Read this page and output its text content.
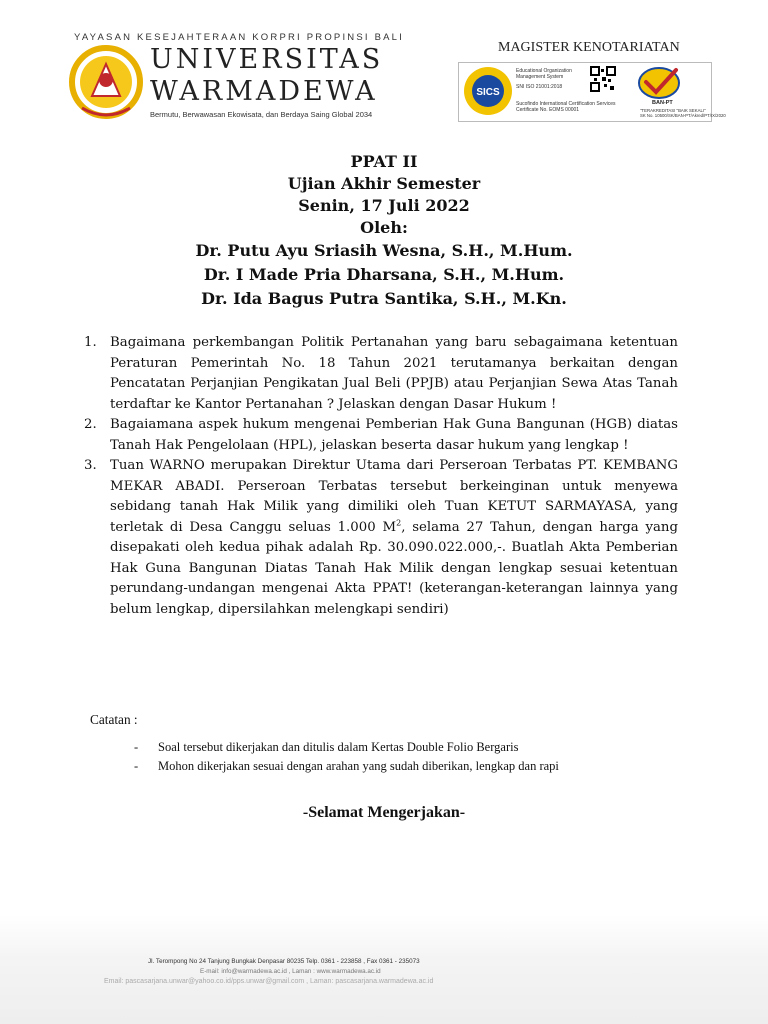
YAYASAN KESEJAHTERAAN KORPRI PROPINSI BALI
UNIVERSITAS
WARMADEWA
Bermutu, Berwawasan Ekowisata, dan Berdaya Saing Global 2034
MAGISTER KENOTARIATAN
SICS
Educational Organization
Management System
SNI ISO 21001:2018
Sucofindo International Certification Services
Certificate No. EOMS 00001
BAN-PT
"TERAKREDITASI "BAIK SEKALI"
SK No. 10500/SK/BAN-PT/Akred/PT/IX/2020
PPAT II
Ujian Akhir Semester
Senin, 17 Juli 2022
Oleh:
Dr. Putu Ayu Sriasih Wesna, S.H., M.Hum.
Dr. I Made Pria Dharsana, S.H., M.Hum.
Dr. Ida Bagus Putra Santika, S.H., M.Kn.
1. Bagaimana perkembangan Politik Pertanahan yang baru sebagaimana ketentuan Peraturan Pemerintah No. 18 Tahun 2021 terutamanya berkaitan dengan Pencatatan Perjanjian Pengikatan Jual Beli (PPJB) atau Perjanjian Sewa Atas Tanah terdaftar ke Kantor Pertanahan ? Jelaskan dengan Dasar Hukum !
2. Bagaiamana aspek hukum mengenai Pemberian Hak Guna Bangunan (HGB) diatas Tanah Hak Pengelolaan (HPL), jelaskan beserta dasar hukum yang lengkap !
3. Tuan WARNO merupakan Direktur Utama dari Perseroan Terbatas PT. KEMBANG MEKAR ABADI. Perseroan Terbatas tersebut berkeinginan untuk menyewa sebidang tanah Hak Milik yang dimiliki oleh Tuan KETUT SARMAYASA, yang terletak di Desa Canggu seluas 1.000 $M^2$, selama 27 Tahun, dengan harga yang disepakati oleh kedua pihak adalah Rp. 30.090.022.000,-. Buatlah Akta Pemberian Hak Guna Bangunan Diatas Tanah Hak Milik dengan lengkap sesuai ketentuan perundang-undangan mengenai Akta PPAT! (keterangan-keterangan lainnya yang belum lengkap, dipersilahkan melengkapi sendiri)
Catatan :
- Soal tersebut dikerjakan dan ditulis dalam Kertas Double Folio Bergaris
- Mohon dikerjakan sesuai dengan arahan yang sudah diberikan, lengkap dan rapi
-Selamat Mengerjakan-
Jl. Terompong No 24 Tanjung Bungkak Denpasar 80235 Telp. 0361 - 223858 , Fax 0361 - 235073
E-mail: info@warmadewa.ac.id , Laman : www.warmadewa.ac.id
Email: pascasarjana.unwar@yahoo.co.id/pps.unwar@gmail.com , Laman: pascasarjana.warmadewa.ac.id
